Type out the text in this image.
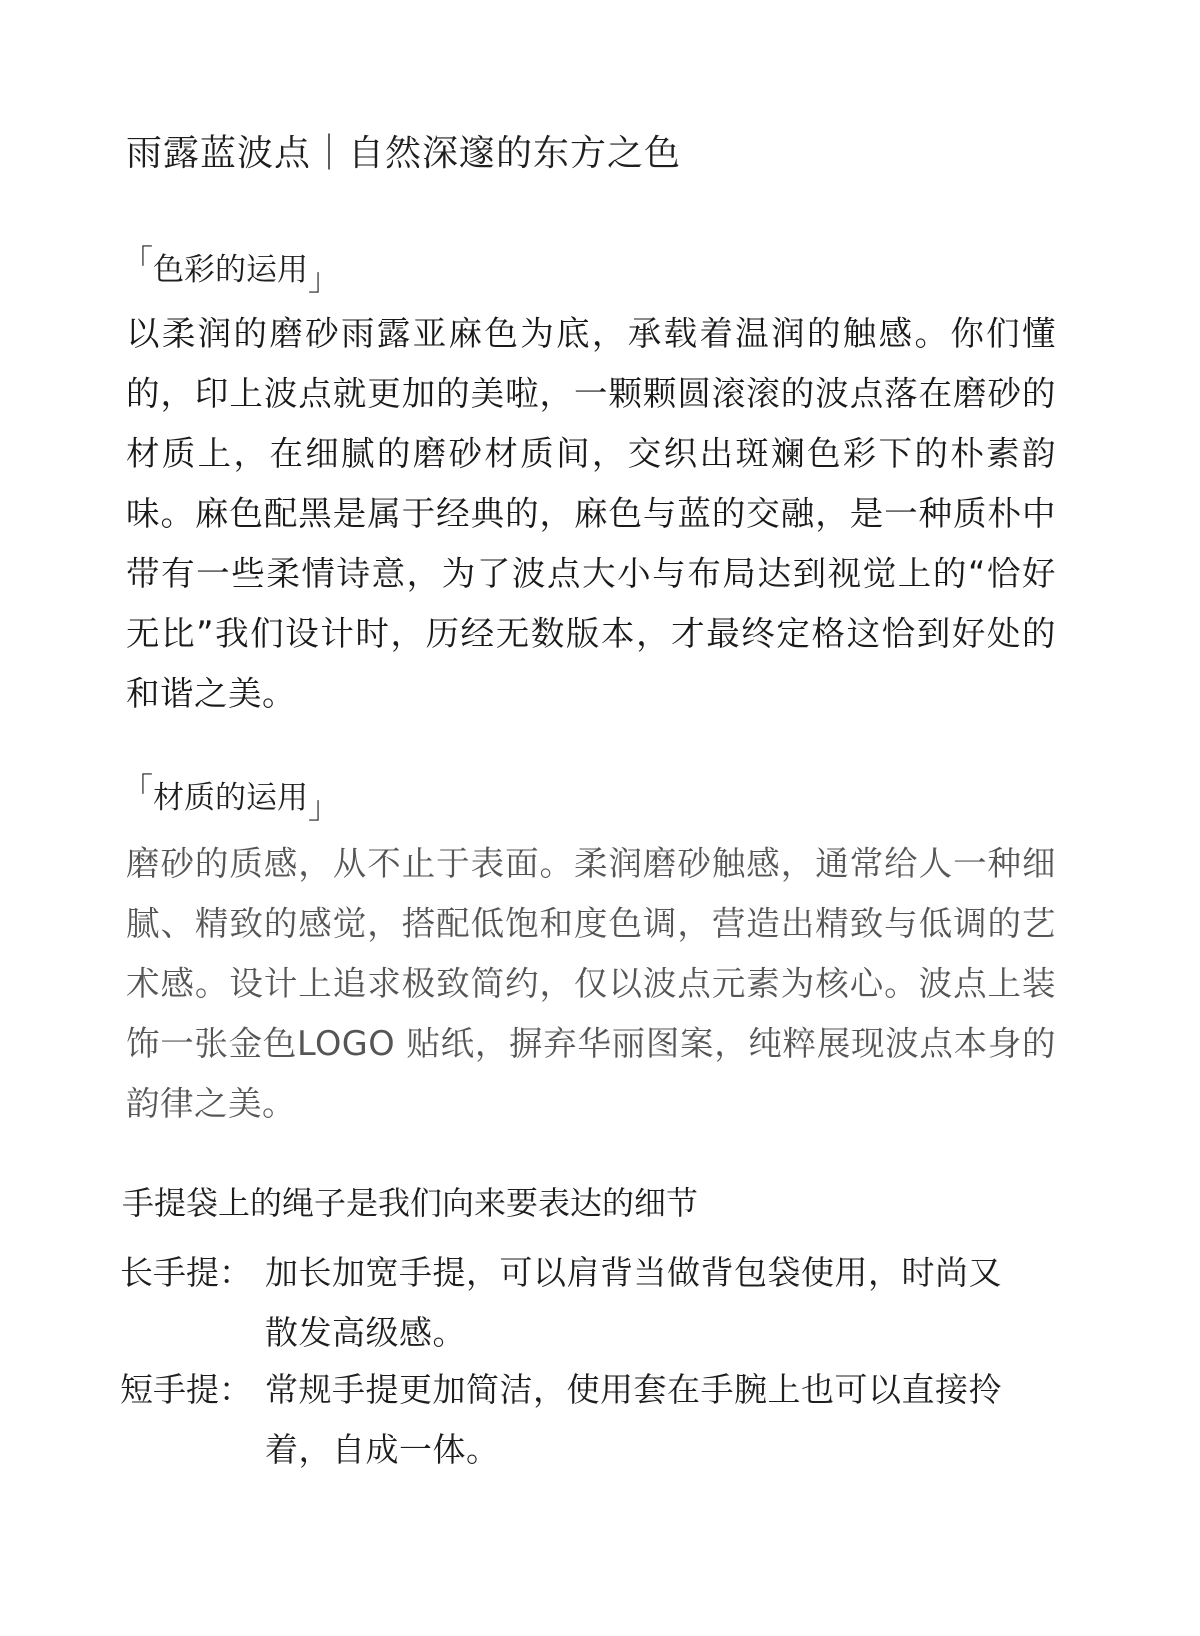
雨露蓝波点｜自然深邃的东方之色
「色彩的运用」

以柔润的磨砂雨露亚麻色为底，承载着温润的触感。你们懂的，印上波点就更加的美啦，一颗颗圆滚滚的波点落在磨砂的材质上，在细腻的磨砂材质间，交织出斑斓色彩下的朴素韵味。麻色配黑是属于经典的，麻色与蓝的交融，是一种质朴中带有一些柔情诗意，为了波点大小与布局达到视觉上的“恰好无比”我们设计时，历经无数版本，才最终定格这恰到好处的和谐之美。

「材质的运用」

磨砂的质感，从不止于表面。柔润磨砂触感，通常给人一种细腻、精致的感觉，搭配低饱和度色调，营造出精致与低调的艺术感。设计上追求极致简约，仅以波点元素为核心。波点上装饰一张金色LOGO 贴纸，摒弃华丽图案，纯粹展现波点本身的韵律之美。

手提袋上的绳子是我们向来要表达的细节
长手提： 加长加宽手提，可以肩背当做背包袋使用，时尚又散发高级感。
短手提： 常规手提更加简洁，使用套在手腕上也可以直接拎着，自成一体。
